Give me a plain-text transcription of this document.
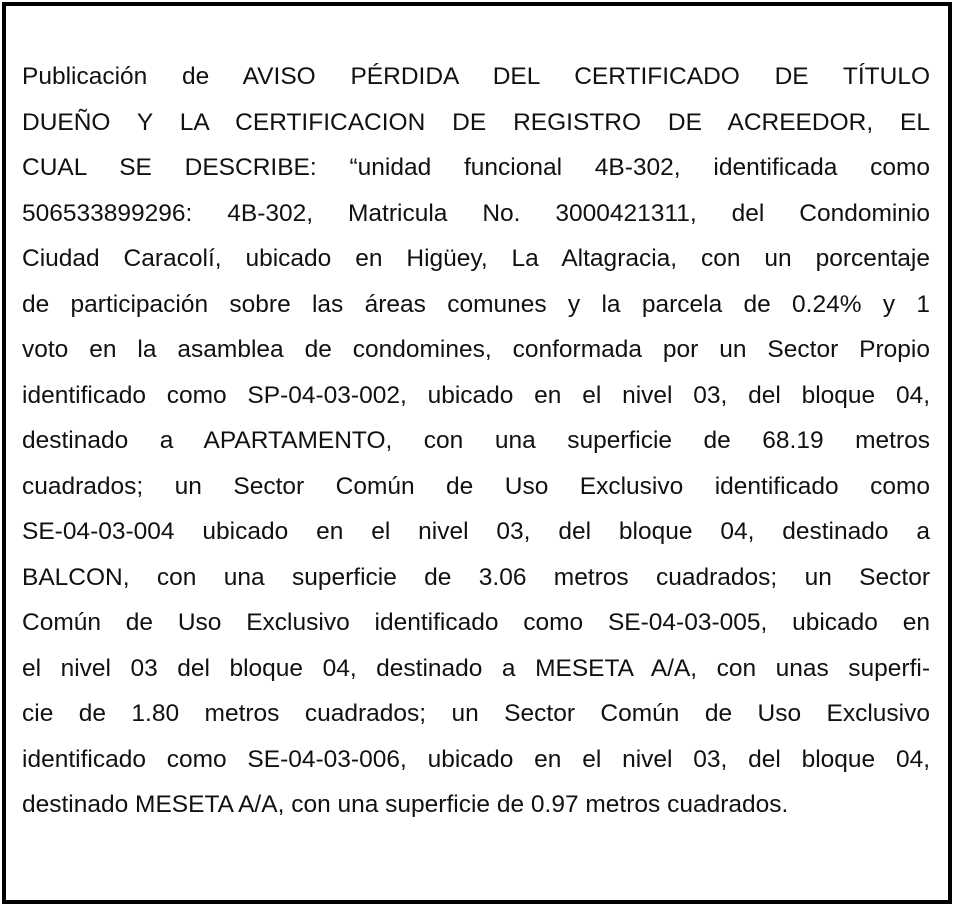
Publicación de AVISO PÉRDIDA DEL CERTIFICADO DE TÍTULO
DUEÑO Y LA CERTIFICACION DE REGISTRO DE ACREEDOR, EL
CUAL SE DESCRIBE: “unidad funcional 4B-302, identificada como
506533899296: 4B-302, Matricula No. 3000421311, del Condominio
Ciudad Caracolí, ubicado en Higüey, La Altagracia, con un porcentaje
de participación sobre las áreas comunes y la parcela de 0.24% y 1
voto en la asamblea de condomines, conformada por un Sector Propio
identificado como SP-04-03-002, ubicado en el nivel 03, del bloque 04,
destinado a APARTAMENTO, con una superficie de 68.19 metros
cuadrados; un Sector Común de Uso Exclusivo identificado como
SE-04-03-004 ubicado en el nivel 03, del bloque 04, destinado a
BALCON, con una superficie de 3.06 metros cuadrados; un Sector
Común de Uso Exclusivo identificado como SE-04-03-005, ubicado en
el nivel 03 del bloque 04, destinado a MESETA A/A, con unas superfi-
cie de 1.80 metros cuadrados; un Sector Común de Uso Exclusivo
identificado como SE-04-03-006, ubicado en el nivel 03, del bloque 04,
destinado MESETA A/A, con una superficie de 0.97 metros cuadrados.
